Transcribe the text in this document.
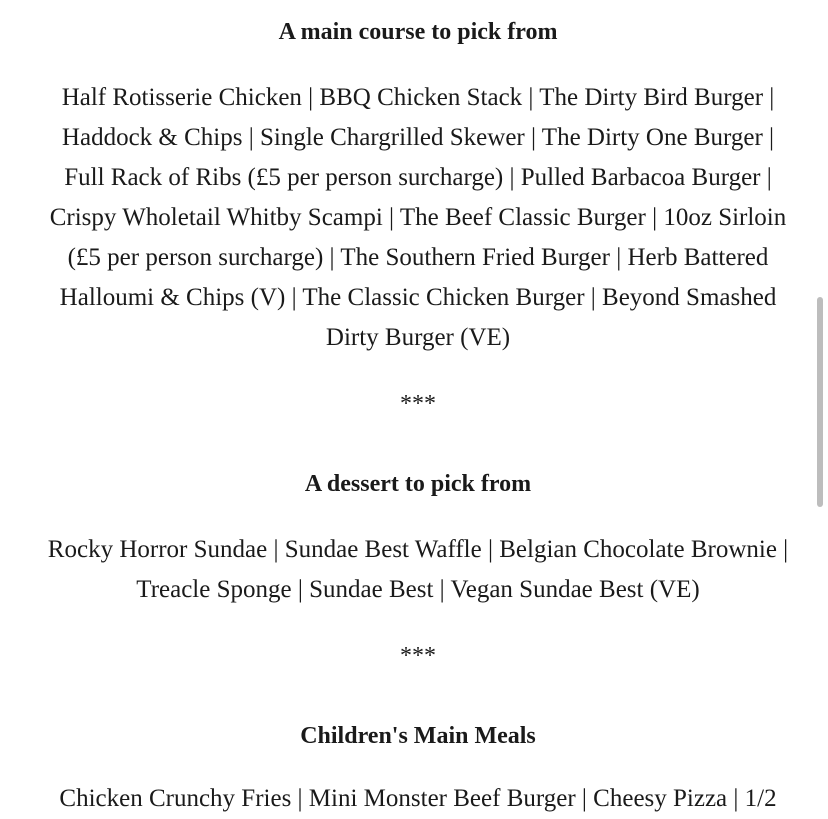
A main course to pick from
Half Rotisserie Chicken | BBQ Chicken Stack | The Dirty Bird Burger |
Haddock & Chips | Single Chargrilled Skewer | The Dirty One Burger |
Full Rack of Ribs (£5 per person surcharge) | Pulled Barbacoa Burger |
Crispy Wholetail Whitby Scampi | The Beef Classic Burger | 10oz Sirloin
(£5 per person surcharge) | The Southern Fried Burger | Herb Battered
Halloumi & Chips (V) | The Classic Chicken Burger | Beyond Smashed
Dirty Burger (VE)
***
A dessert to pick from
Rocky Horror Sundae | Sundae Best Waffle | Belgian Chocolate Brownie |
Treacle Sponge | Sundae Best | Vegan Sundae Best (VE)
***
Children's Main Meals
Chicken Crunchy Fries | Mini Monster Beef Burger | Cheesy Pizza | 1/2
